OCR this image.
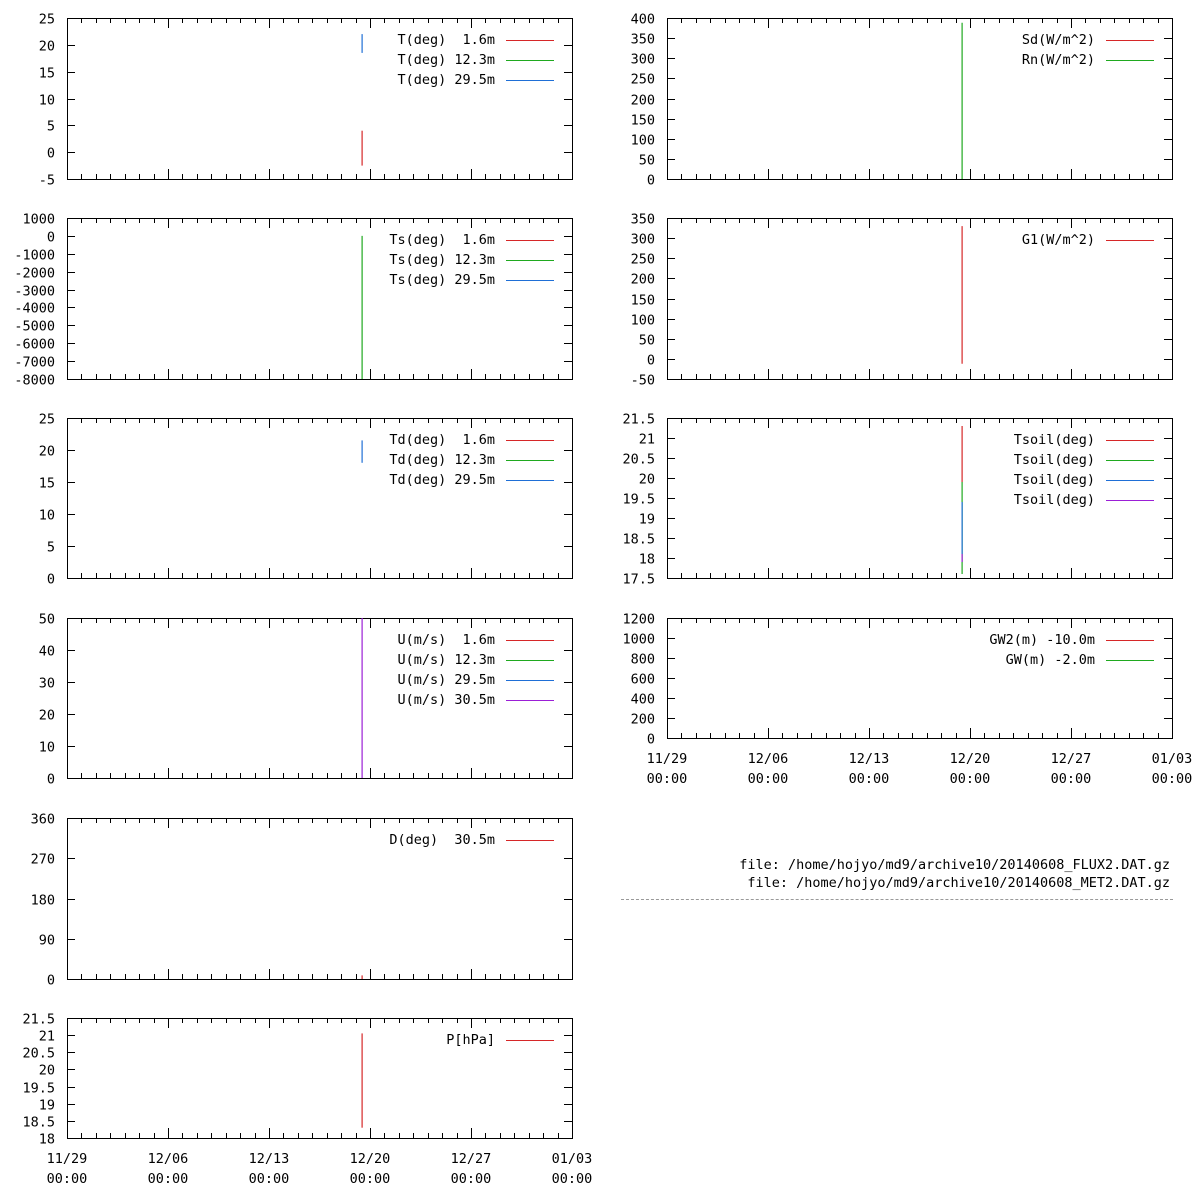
-5
0
5
10
15
20
25
T(deg)  1.6m
T(deg) 12.3m
T(deg) 29.5m
-8000
-7000
-6000
-5000
-4000
-3000
-2000
-1000
0
1000
Ts(deg)  1.6m
Ts(deg) 12.3m
Ts(deg) 29.5m
0
5
10
15
20
25
Td(deg)  1.6m
Td(deg) 12.3m
Td(deg) 29.5m
0
10
20
30
40
50
U(m/s)  1.6m
U(m/s) 12.3m
U(m/s) 29.5m
U(m/s) 30.5m
0
90
180
270
360
D(deg)  30.5m
18
18.5
19
19.5
20
20.5
21
21.5
11/29
00:00
12/06
00:00
12/13
00:00
12/20
00:00
12/27
00:00
01/03
00:00
P[hPa]
0
50
100
150
200
250
300
350
400
Sd(W/m^2)
Rn(W/m^2)
-50
0
50
100
150
200
250
300
350
G1(W/m^2)
17.5
18
18.5
19
19.5
20
20.5
21
21.5
Tsoil(deg)
Tsoil(deg)
Tsoil(deg)
Tsoil(deg)
0
200
400
600
800
1000
1200
11/29
00:00
12/06
00:00
12/13
00:00
12/20
00:00
12/27
00:00
01/03
00:00
GW2(m) -10.0m
GW(m) -2.0m
file: /home/hojyo/md9/archive10/20140608_FLUX2.DAT.gz
file: /home/hojyo/md9/archive10/20140608_MET2.DAT.gz
